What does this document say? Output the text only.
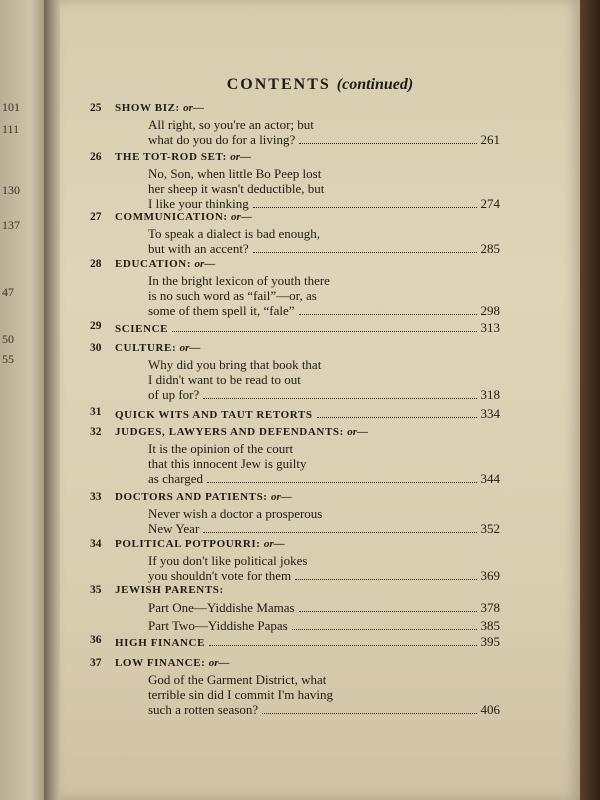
101
111
130
137
47
50
55
CONTENTS (continued)
25 SHOW BIZ: or—
All right, so you're an actor; but
what do you do for a living?	261
26 THE TOT-ROD SET: or—
No, Son, when little Bo Peep lost
her sheep it wasn't deductible, but
I like your thinking	274
27 COMMUNICATION: or—
To speak a dialect is bad enough,
but with an accent?	285
28 EDUCATION: or—
In the bright lexicon of youth there
is no such word as “fail”—or, as
some of them spell it, “fale”	298
29 SCIENCE	313
30 CULTURE: or—
Why did you bring that book that
I didn't want to be read to out
of up for?	318
31 QUICK WITS AND TAUT RETORTS	334
32 JUDGES, LAWYERS AND DEFENDANTS: or—
It is the opinion of the court
that this innocent Jew is guilty
as charged	344
33 DOCTORS AND PATIENTS: or—
Never wish a doctor a prosperous
New Year	352
34 POLITICAL POTPOURRI: or—
If you don't like political jokes
you shouldn't vote for them	369
35 JEWISH PARENTS:
Part One—Yiddishe Mamas	378
Part Two—Yiddishe Papas	385
36 HIGH FINANCE	395
37 LOW FINANCE: or—
God of the Garment District, what
terrible sin did I commit I'm having
such a rotten season?	406
